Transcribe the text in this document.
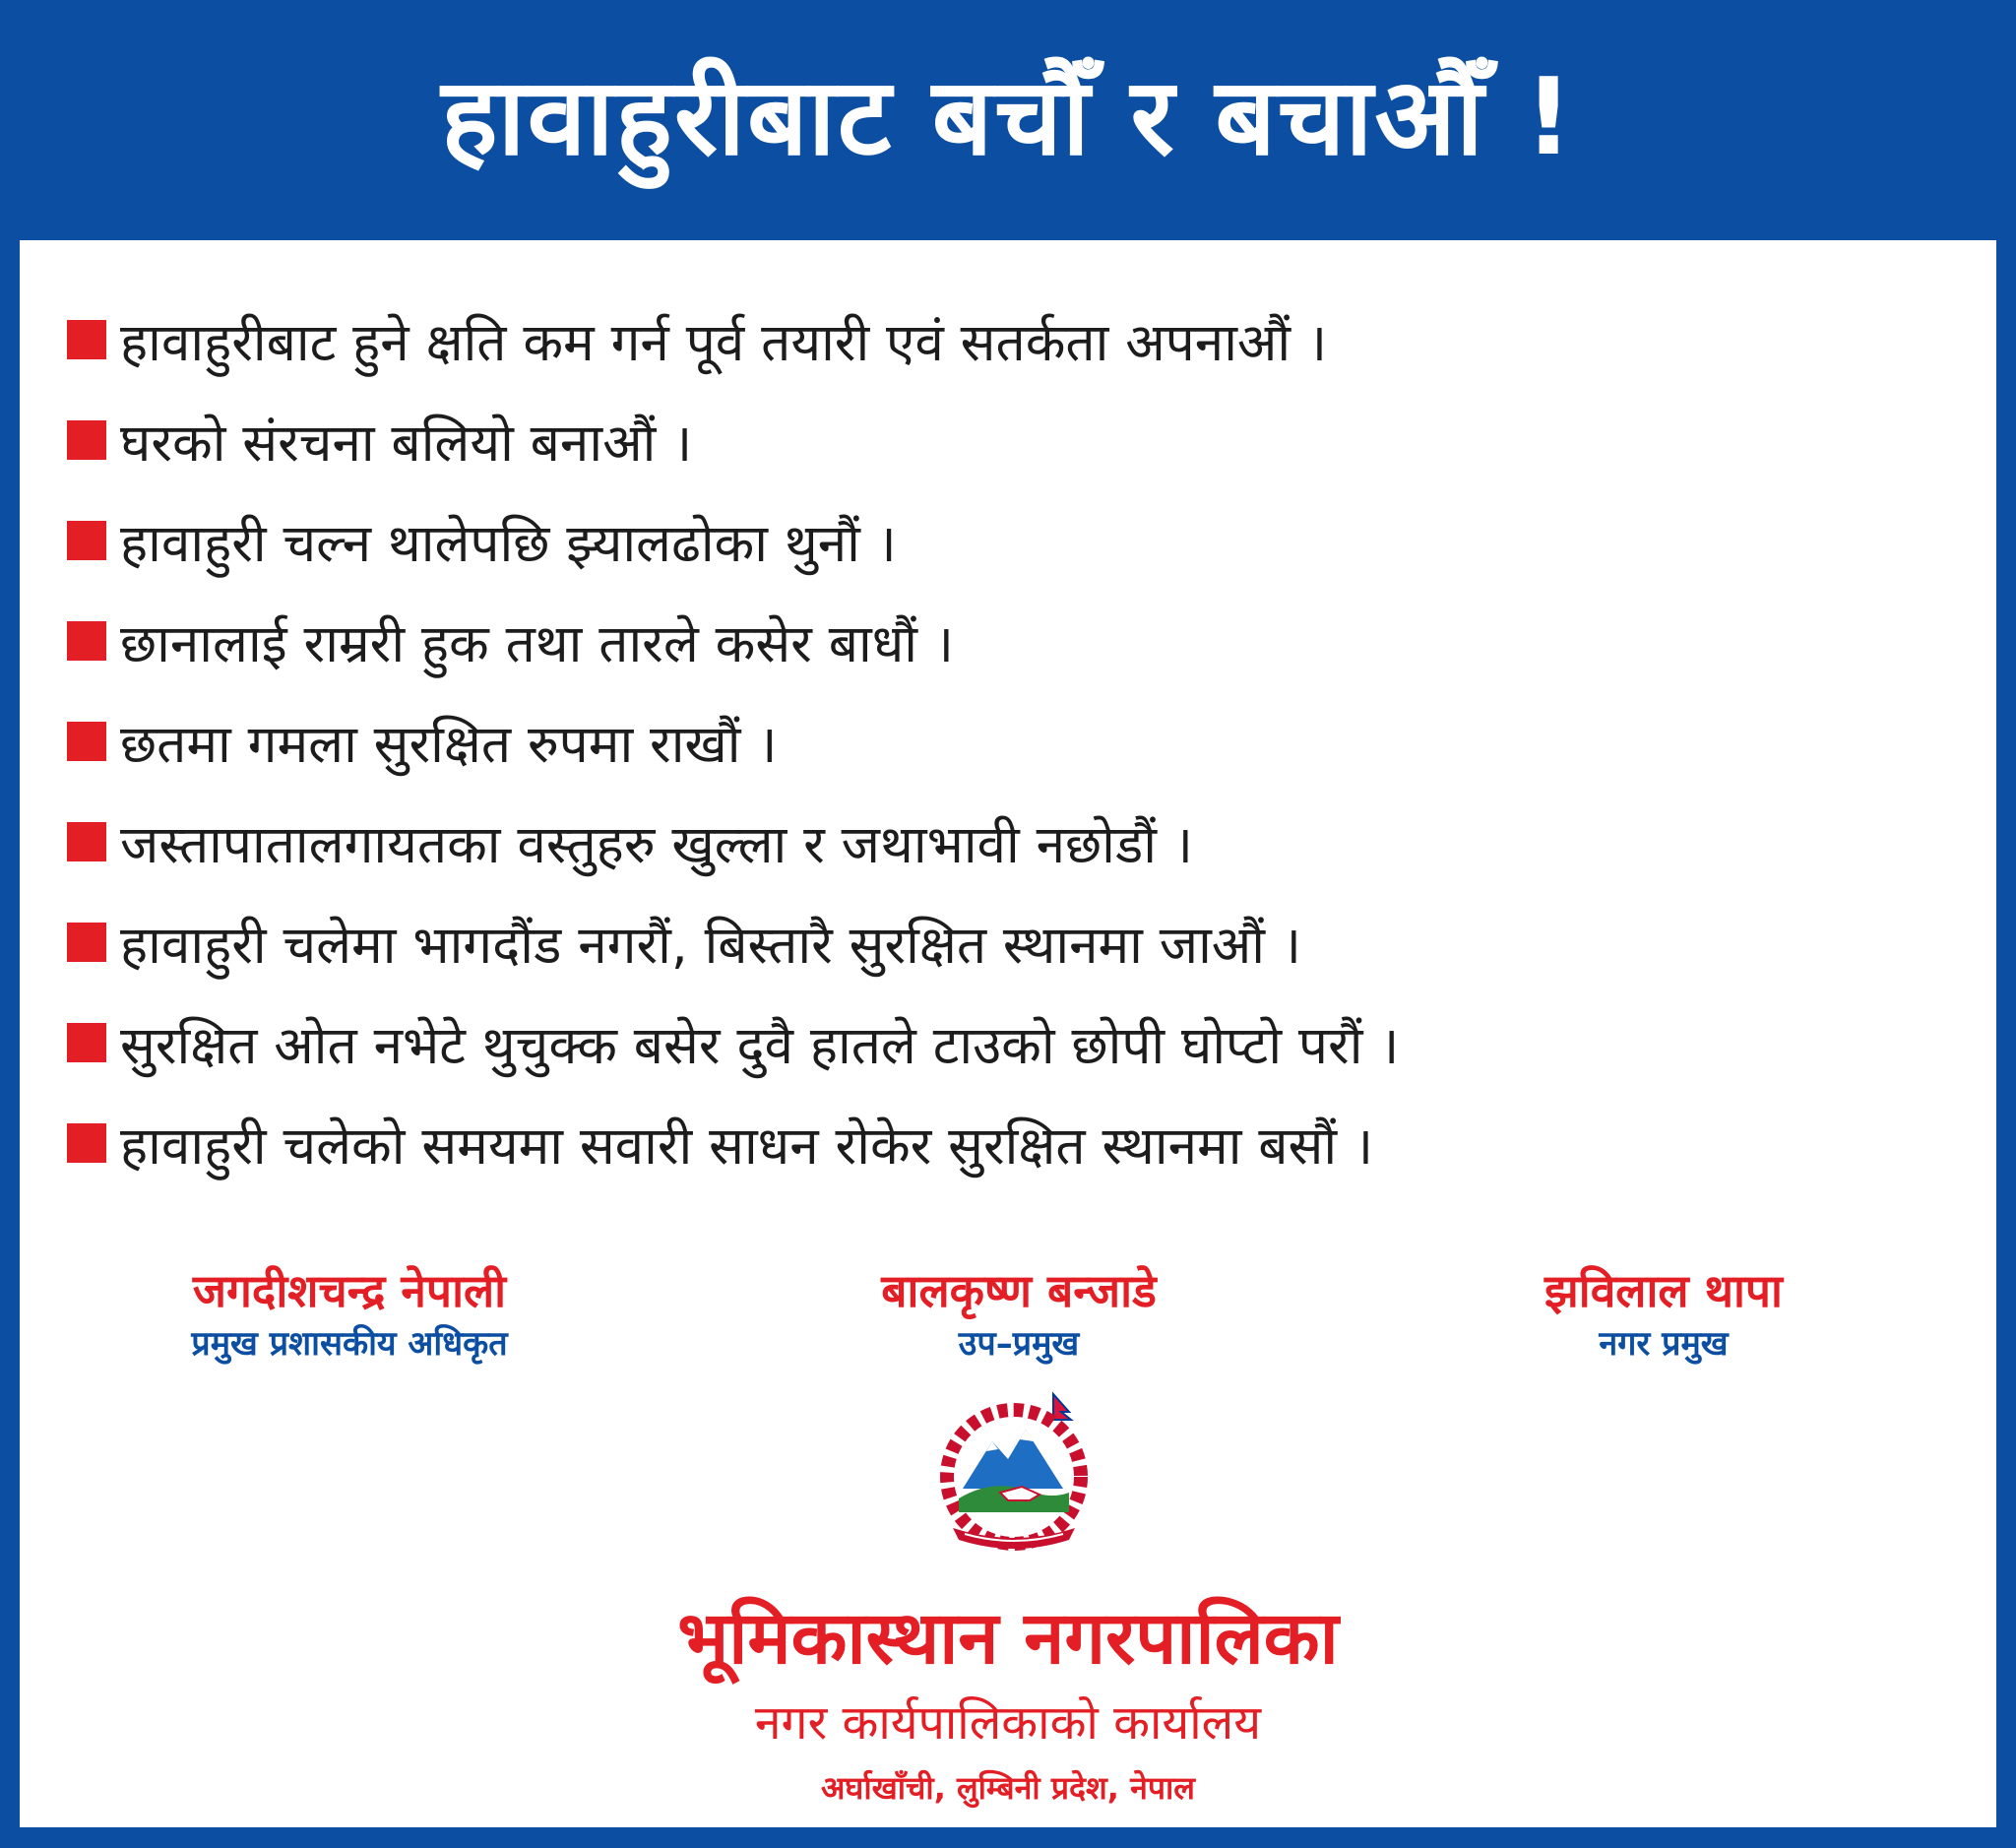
हावाहुरीबाट बचौँ र बचाऔँ !
हावाहुरीबाट हुने क्षति कम गर्न पूर्व तयारी एवं सतर्कता अपनाऔं ।
घरको संरचना बलियो बनाऔं ।
हावाहुरी चल्न थालेपछि झ्यालढोका थुनौं ।
छानालाई राम्ररी हुक तथा तारले कसेर बाधौं ।
छतमा गमला सुरक्षित रुपमा राखौं ।
जस्तापातालगायतका वस्तुहरु खुल्ला र जथाभावी नछोडौं ।
हावाहुरी चलेमा भागदौंड नगरौं, बिस्तारै सुरक्षित स्थानमा जाऔं ।
सुरक्षित ओत नभेटे थुचुक्क बसेर दुवै हातले टाउको छोपी घोप्टो परौं ।
हावाहुरी चलेको समयमा सवारी साधन रोकेर सुरक्षित स्थानमा बसौं ।
जगदीशचन्द्र नेपाली
प्रमुख प्रशासकीय अधिकृत
बालकृष्ण बन्जाडे
उप–प्रमुख
झविलाल थापा
नगर प्रमुख
भूमिकास्थान नगरपालिका
नगर कार्यपालिकाको कार्यालय
अर्घाखाँची, लुम्बिनी प्रदेश, नेपाल
